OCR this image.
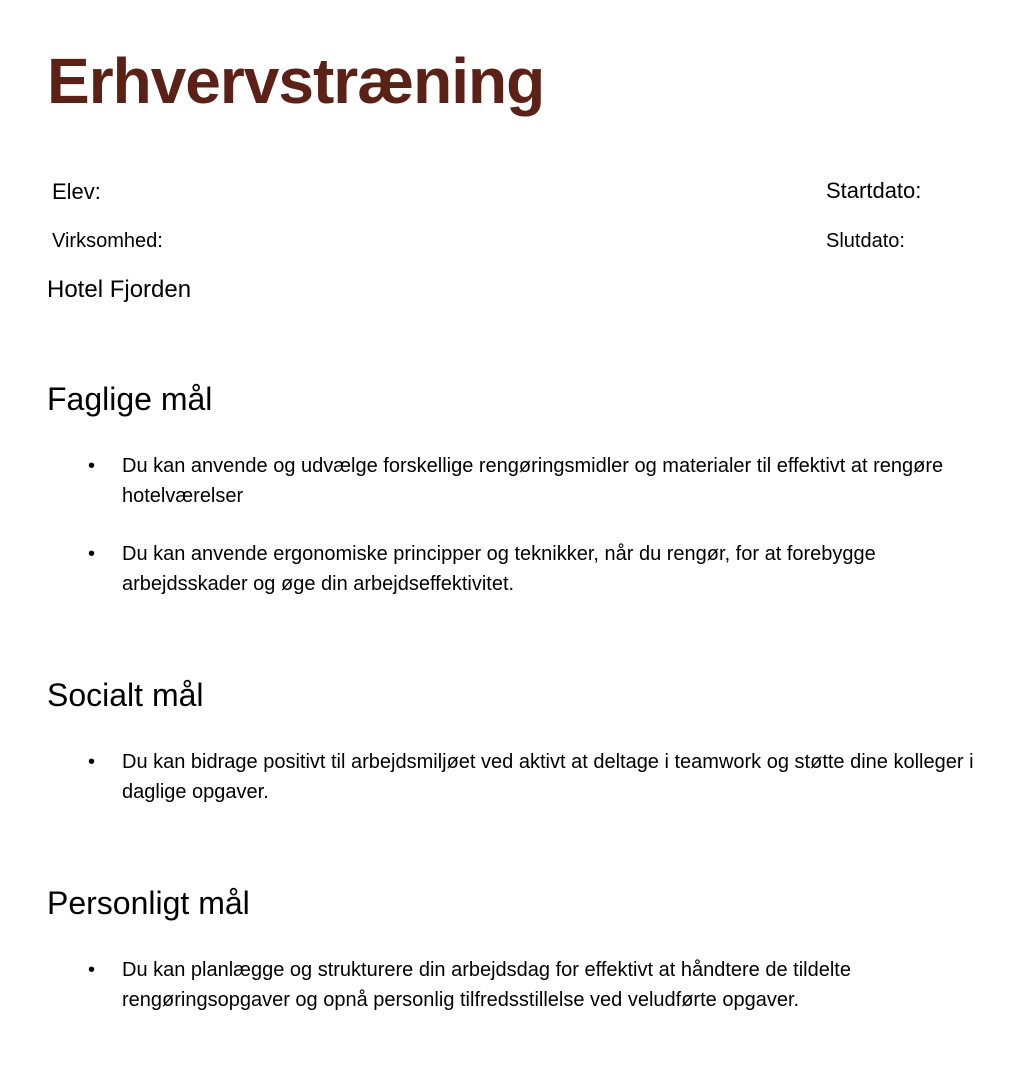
Erhvervstræning
Elev:	Startdato:
Virksomhed:	Slutdato:
Hotel Fjorden
Faglige mål
•	Du kan anvende og udvælge forskellige rengøringsmidler og materialer til effektivt at rengøre hotelværelser
•	Du kan anvende ergonomiske principper og teknikker, når du rengør, for at forebygge arbejdsskader og øge din arbejdseffektivitet.
Socialt mål
•	Du kan bidrage positivt til arbejdsmiljøet ved aktivt at deltage i teamwork og støtte dine kolleger i daglige opgaver.
Personligt mål
•	Du kan planlægge og strukturere din arbejdsdag for effektivt at håndtere de tildelte rengøringsopgaver og opnå personlig tilfredsstillelse ved veludførte opgaver.
